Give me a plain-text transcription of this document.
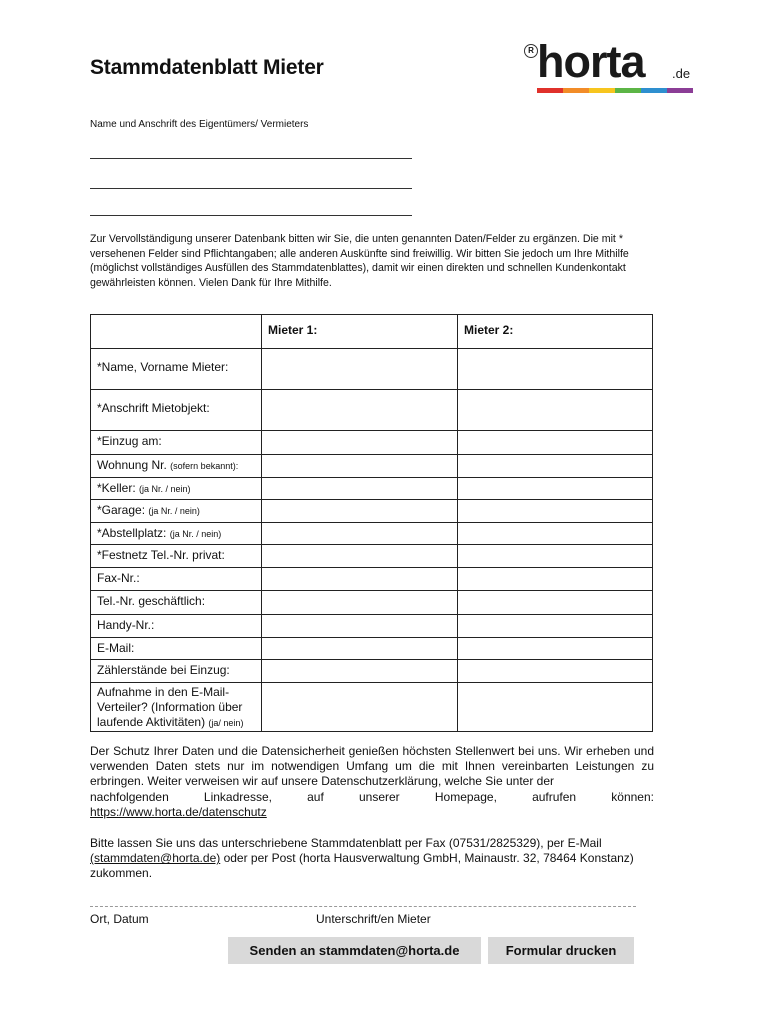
Stammdatenblatt Mieter
R horta .de
Name und Anschrift des Eigentümers/ Vermieters
Zur Vervollständigung unserer Datenbank bitten wir Sie, die unten genannten Daten/Felder zu ergänzen. Die mit * versehenen Felder sind Pflichtangaben; alle anderen Auskünfte sind freiwillig. Wir bitten Sie jedoch um Ihre Mithilfe (möglichst vollständiges Ausfüllen des Stammdatenblattes), damit wir einen direkten und schnellen Kundenkontakt gewährleisten können. Vielen Dank für Ihre Mithilfe.
	Mieter 1:	Mieter 2:
*Name, Vorname Mieter:		
*Anschrift Mietobjekt:		
*Einzug am:		
Wohnung Nr. (sofern bekannt):		
*Keller: (ja Nr. / nein)		
*Garage: (ja Nr. / nein)		
*Abstellplatz: (ja Nr. / nein)		
*Festnetz Tel.-Nr. privat:		
Fax-Nr.:		
Tel.-Nr. geschäftlich:		
Handy-Nr.:		
E-Mail:		
Zählerstände bei Einzug:		
Aufnahme in den E-Mail-Verteiler? (Information über laufende Aktivitäten) (ja/ nein)		
Der Schutz Ihrer Daten und die Datensicherheit genießen höchsten Stellenwert bei uns. Wir erheben und verwenden Daten stets nur im notwendigen Umfang um die mit Ihnen vereinbarten Leistungen zu erbringen. Weiter verweisen wir auf unsere Datenschutzerklärung, welche Sie unter der
nachfolgenden Linkadresse, auf unserer Homepage, aufrufen können:
https://www.horta.de/datenschutz
Bitte lassen Sie uns das unterschriebene Stammdatenblatt per Fax (07531/2825329), per E-Mail (stammdaten@horta.de) oder per Post (horta Hausverwaltung GmbH, Mainaustr. 32, 78464 Konstanz) zukommen.
Ort, Datum	Unterschrift/en Mieter
Senden an stammdaten@horta.de	Formular drucken
